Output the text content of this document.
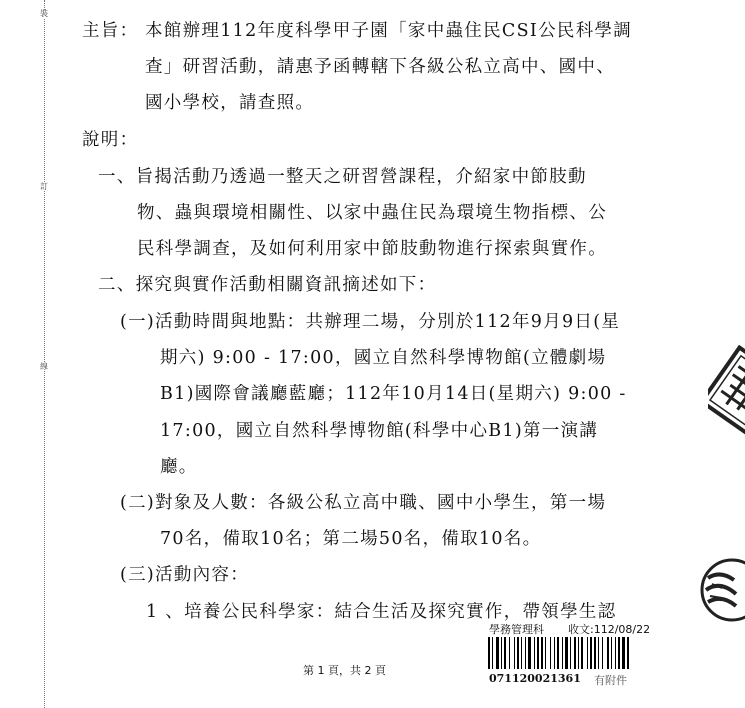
裝
訂
線
主旨： 本館辦理112年度科學甲子園「家中蟲住民CSI公民科學調
查」研習活動，請惠予函轉轄下各級公私立高中、國中、
國小學校，請查照。
說明：
一、旨揭活動乃透過一整天之研習營課程，介紹家中節肢動
物、蟲與環境相關性、以家中蟲住民為環境生物指標、公
民科學調查，及如何利用家中節肢動物進行探索與實作。
二、探究與實作活動相關資訊摘述如下：
(一)活動時間與地點：共辦理二場，分別於112年9月9日(星
期六) 9:00 - 17:00，國立自然科學博物館(立體劇場
B1)國際會議廳藍廳；112年10月14日(星期六) 9:00 -
17:00，國立自然科學博物館(科學中心B1)第一演講
廳。
(二)對象及人數：各級公私立高中職、國中小學生，第一場
70名，備取10名；第二場50名，備取10名。
(三)活動內容：
1 、培養公民科學家：結合生活及探究實作，帶領學生認
第 1 頁，共 2 頁
學務管理科 收文:112/08/22
071120021361 有附件
